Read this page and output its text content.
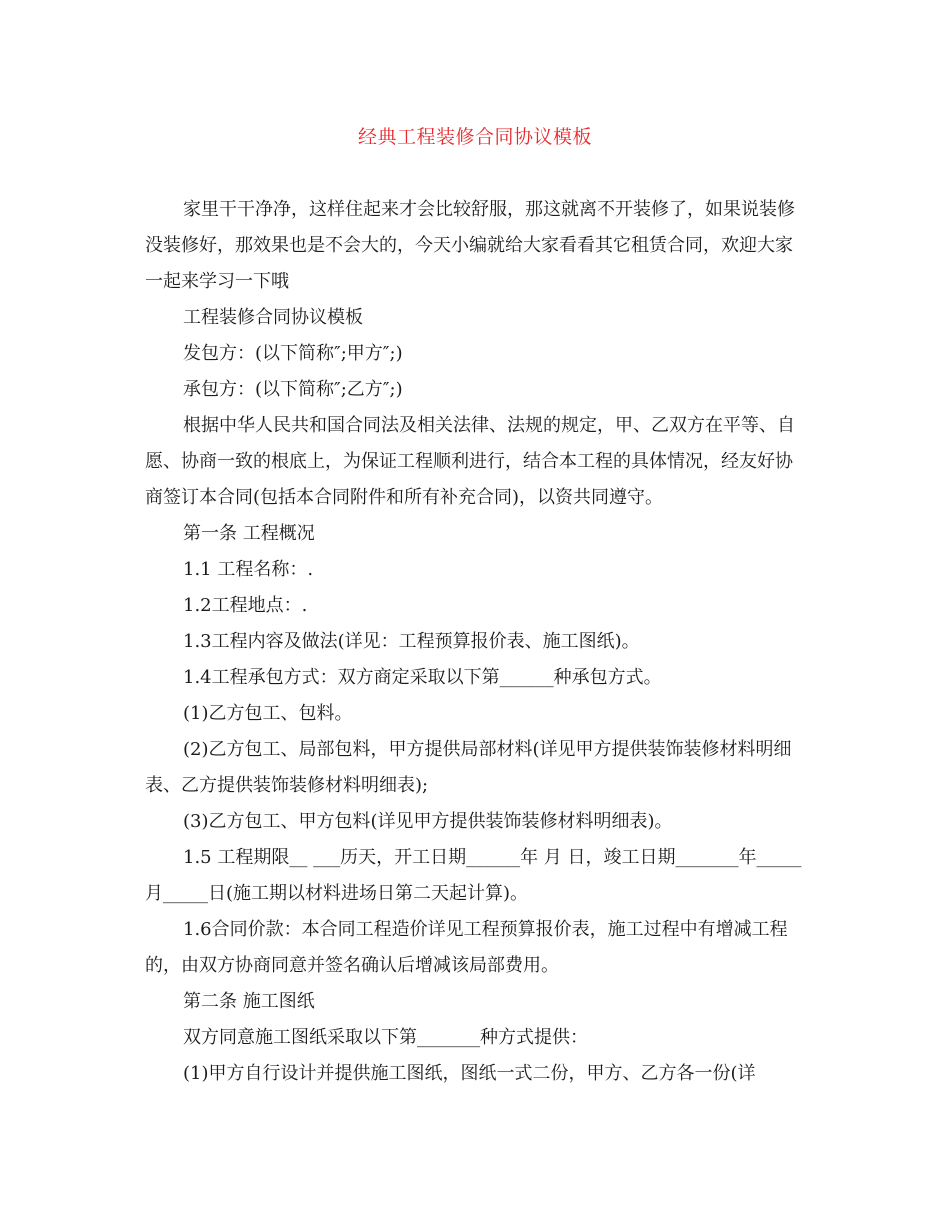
经典工程装修合同协议模板

家里干干净净，这样住起来才会比较舒服，那这就离不开装修了，如果说装修没装修好，那效果也是不会大的，今天小编就给大家看看其它租赁合同，欢迎大家一起来学习一下哦

工程装修合同协议模板

发包方：(以下简称″;甲方″;)

承包方：(以下简称″;乙方″;)

根据中华人民共和国合同法及相关法律、法规的规定，甲、乙双方在平等、自愿、协商一致的根底上，为保证工程顺利进行，结合本工程的具体情况，经友好协商签订本合同(包括本合同附件和所有补充合同)，以资共同遵守。

第一条 工程概况

1.1 工程名称：.

1.2工程地点：.

1.3工程内容及做法(详见：工程预算报价表、施工图纸)。

1.4工程承包方式：双方商定采取以下第______种承包方式。

(1)乙方包工、包料。

(2)乙方包工、局部包料，甲方提供局部材料(详见甲方提供装饰装修材料明细表、乙方提供装饰装修材料明细表);

(3)乙方包工、甲方包料(详见甲方提供装饰装修材料明细表)。

1.5 工程期限__ ___历天，开工日期______年 月 日，竣工日期_______年_____月_____日(施工期以材料进场日第二天起计算)。

1.6合同价款：本合同工程造价详见工程预算报价表，施工过程中有增减工程的，由双方协商同意并签名确认后增减该局部费用。

第二条 施工图纸

双方同意施工图纸采取以下第_______种方式提供：

(1)甲方自行设计并提供施工图纸，图纸一式二份，甲方、乙方各一份(详
